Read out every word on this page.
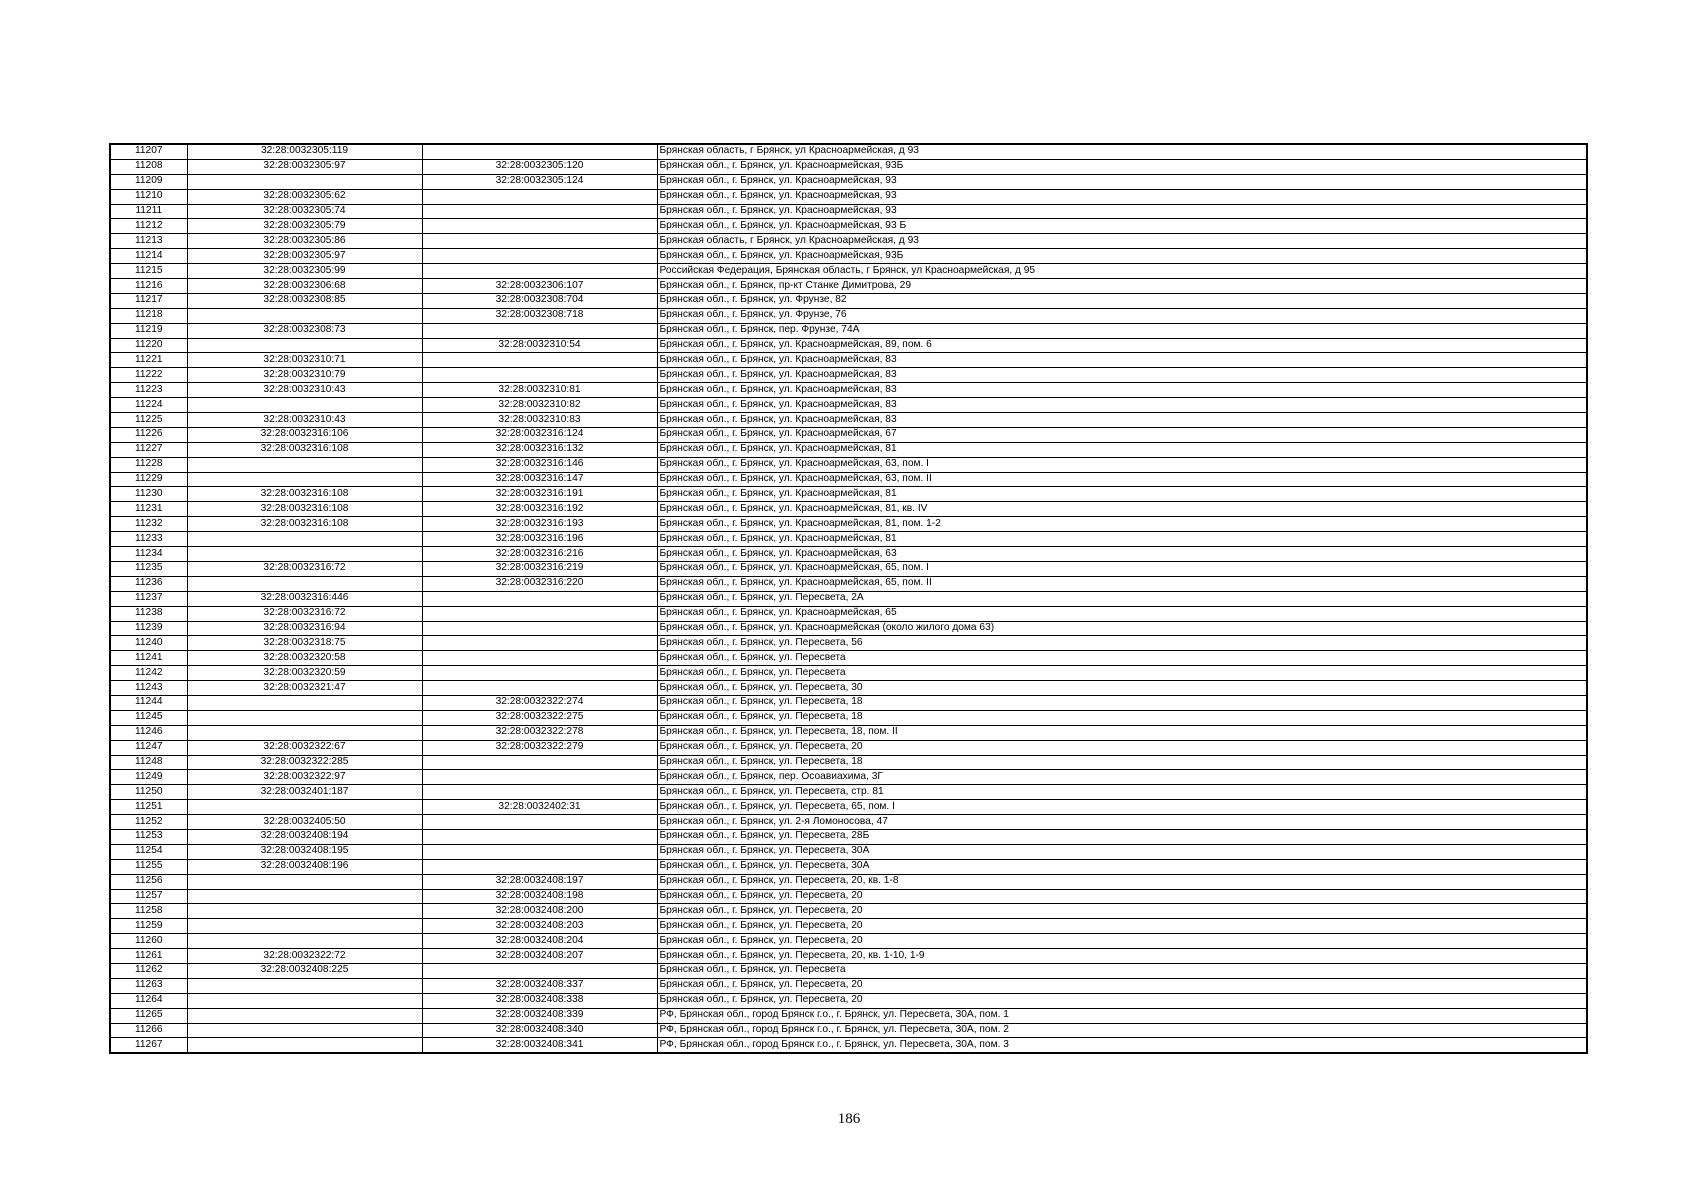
11207	32:28:0032305:119		Брянская область, г Брянск, ул Красноармейская, д 93
11208	32:28:0032305:97	32:28:0032305:120	Брянская обл., г. Брянск, ул. Красноармейская, 93Б
11209		32:28:0032305:124	Брянская обл., г. Брянск, ул. Красноармейская, 93
11210	32:28:0032305:62		Брянская обл., г. Брянск, ул. Красноармейская, 93
11211	32:28:0032305:74		Брянская обл., г. Брянск, ул. Красноармейская, 93
11212	32:28:0032305:79		Брянская обл., г. Брянск, ул. Красноармейская, 93 Б
11213	32:28:0032305:86		Брянская область, г Брянск, ул Красноармейская, д 93
11214	32:28:0032305:97		Брянская обл., г. Брянск, ул. Красноармейская, 93Б
11215	32:28:0032305:99		Российская Федерация, Брянская область, г Брянск, ул Красноармейская, д 95
11216	32:28:0032306:68	32:28:0032306:107	Брянская обл., г. Брянск, пр-кт Станке Димитрова, 29
11217	32:28:0032308:85	32:28:0032308:704	Брянская обл., г. Брянск, ул. Фрунзе, 82
11218		32:28:0032308:718	Брянская обл., г. Брянск, ул. Фрунзе, 76
11219	32:28:0032308:73		Брянская обл., г. Брянск, пер. Фрунзе, 74А
11220		32:28:0032310:54	Брянская обл., г. Брянск, ул. Красноармейская, 89, пом. 6
11221	32:28:0032310:71		Брянская обл., г. Брянск, ул. Красноармейская, 83
11222	32:28:0032310:79		Брянская обл., г. Брянск, ул. Красноармейская, 83
11223	32:28:0032310:43	32:28:0032310:81	Брянская обл., г. Брянск, ул. Красноармейская, 83
11224		32:28:0032310:82	Брянская обл., г. Брянск, ул. Красноармейская, 83
11225	32:28:0032310:43	32:28:0032310:83	Брянская обл., г. Брянск, ул. Красноармейская, 83
11226	32:28:0032316:106	32:28:0032316:124	Брянская обл., г. Брянск, ул. Красноармейская, 67
11227	32:28:0032316:108	32:28:0032316:132	Брянская обл., г. Брянск, ул. Красноармейская, 81
11228		32:28:0032316:146	Брянская обл., г. Брянск, ул. Красноармейская, 63, пом. I
11229		32:28:0032316:147	Брянская обл., г. Брянск, ул. Красноармейская, 63, пом. II
11230	32:28:0032316:108	32:28:0032316:191	Брянская обл., г. Брянск, ул. Красноармейская, 81
11231	32:28:0032316:108	32:28:0032316:192	Брянская обл., г. Брянск, ул. Красноармейская, 81, кв. IV
11232	32:28:0032316:108	32:28:0032316:193	Брянская обл., г. Брянск, ул. Красноармейская, 81, пом. 1-2
11233		32:28:0032316:196	Брянская обл., г. Брянск, ул. Красноармейская, 81
11234		32:28:0032316:216	Брянская обл., г. Брянск, ул. Красноармейская, 63
11235	32:28:0032316:72	32:28:0032316:219	Брянская обл., г. Брянск, ул. Красноармейская, 65, пом. I
11236		32:28:0032316:220	Брянская обл., г. Брянск, ул. Красноармейская, 65, пом. II
11237	32:28:0032316:446		Брянская обл., г. Брянск, ул. Пересвета, 2А
11238	32:28:0032316:72		Брянская обл., г. Брянск, ул. Красноармейская, 65
11239	32:28:0032316:94		Брянская обл., г. Брянск, ул. Красноармейская (около жилого дома 63)
11240	32:28:0032318:75		Брянская обл., г. Брянск, ул. Пересвета, 56
11241	32:28:0032320:58		Брянская обл., г. Брянск, ул. Пересвета
11242	32:28:0032320:59		Брянская обл., г. Брянск, ул. Пересвета
11243	32:28:0032321:47		Брянская обл., г. Брянск, ул. Пересвета, 30
11244		32:28:0032322:274	Брянская обл., г. Брянск, ул. Пересвета, 18
11245		32:28:0032322:275	Брянская обл., г. Брянск, ул. Пересвета, 18
11246		32:28:0032322:278	Брянская обл., г. Брянск, ул. Пересвета, 18, пом. II
11247	32:28:0032322:67	32:28:0032322:279	Брянская обл., г. Брянск, ул. Пересвета, 20
11248	32:28:0032322:285		Брянская обл., г. Брянск, ул. Пересвета, 18
11249	32:28:0032322:97		Брянская обл., г. Брянск, пер. Осоавиахима, 3Г
11250	32:28:0032401:187		Брянская обл., г. Брянск, ул. Пересвета, стр. 81
11251		32:28:0032402:31	Брянская обл., г. Брянск, ул. Пересвета, 65, пом. I
11252	32:28:0032405:50		Брянская обл., г. Брянск, ул. 2-я Ломоносова, 47
11253	32:28:0032408:194		Брянская обл., г. Брянск, ул. Пересвета, 28Б
11254	32:28:0032408:195		Брянская обл., г. Брянск, ул. Пересвета, 30А
11255	32:28:0032408:196		Брянская обл., г. Брянск, ул. Пересвета, 30А
11256		32:28:0032408:197	Брянская обл., г. Брянск, ул. Пересвета, 20, кв. 1-8
11257		32:28:0032408:198	Брянская обл., г. Брянск, ул. Пересвета, 20
11258		32:28:0032408:200	Брянская обл., г. Брянск, ул. Пересвета, 20
11259		32:28:0032408:203	Брянская обл., г. Брянск, ул. Пересвета, 20
11260		32:28:0032408:204	Брянская обл., г. Брянск, ул. Пересвета, 20
11261	32:28:0032322:72	32:28:0032408:207	Брянская обл., г. Брянск, ул. Пересвета, 20, кв. 1-10, 1-9
11262	32:28:0032408:225		Брянская обл., г. Брянск, ул. Пересвета
11263		32:28:0032408:337	Брянская обл., г. Брянск, ул. Пересвета, 20
11264		32:28:0032408:338	Брянская обл., г. Брянск, ул. Пересвета, 20
11265		32:28:0032408:339	РФ, Брянская обл., город Брянск г.о., г. Брянск, ул. Пересвета, 30А, пом. 1
11266		32:28:0032408:340	РФ, Брянская обл., город Брянск г.о., г. Брянск, ул. Пересвета, 30А, пом. 2
11267		32:28:0032408:341	РФ, Брянская обл., город Брянск г.о., г. Брянск, ул. Пересвета, 30А, пом. 3
186
